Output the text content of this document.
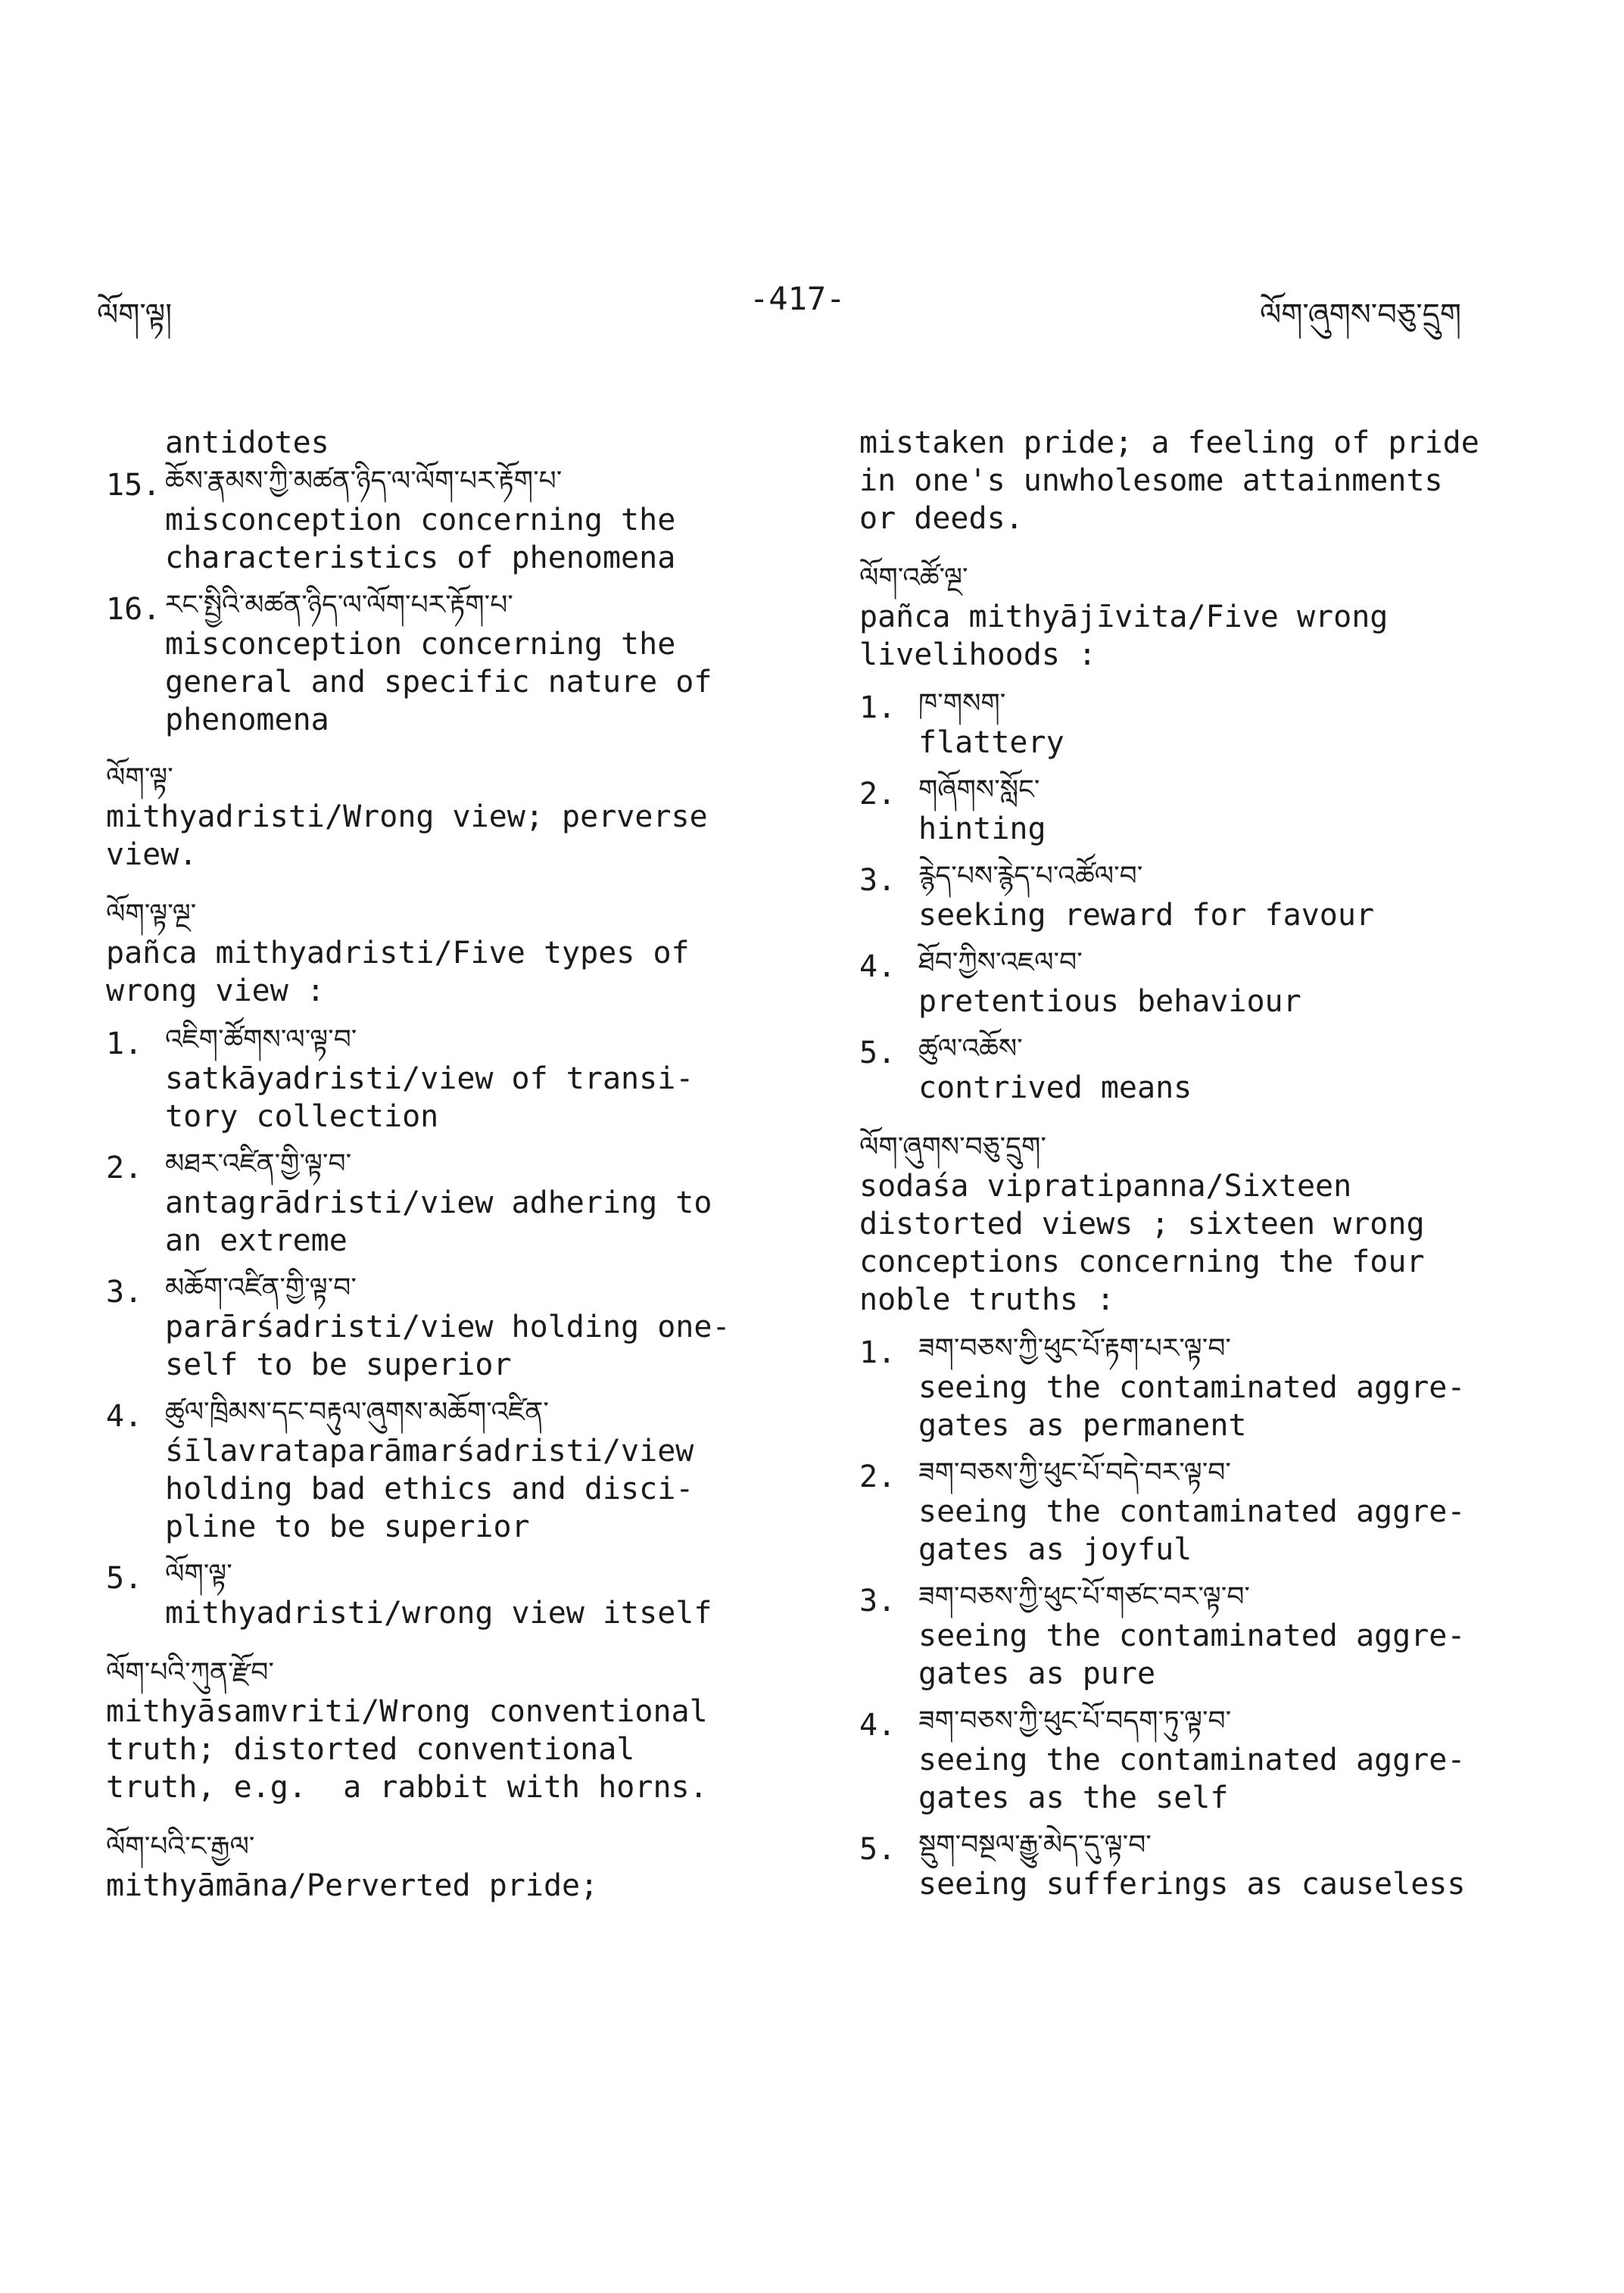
ལོག་ལྟ།	-417-	ལོག་ཞུགས་བཅུ་དྲུག
antidotes
15. ཆོས་རྣམས་ཀྱི་མཚན་ཉིད་ལ་ལོག་པར་རྟོག་པ་
misconception concerning the
characteristics of phenomena
16. རང་སྤྱིའི་མཚན་ཉིད་ལ་ལོག་པར་རྟོག་པ་
misconception concerning the
general and specific nature of
phenomena
ལོག་ལྟ་
mithyadristi/Wrong view; perverse
view.
ལོག་ལྟ་ལྔ་
pañca mithyadristi/Five types of
wrong view :
1. འཇིག་ཚོགས་ལ་ལྟ་བ་
satkāyadristi/view of transi-
tory collection
2. མཐར་འཛིན་གྱི་ལྟ་བ་
antagrādristi/view adhering to
an extreme
3. མཆོག་འཛིན་གྱི་ལྟ་བ་
parārśadristi/view holding one-
self to be superior
4. ཚུལ་ཁྲིམས་དང་བརྟུལ་ཞུགས་མཆོག་འཛིན་
śīlavrataparāmarśadristi/view
holding bad ethics and disci-
pline to be superior
5. ལོག་ལྟ་
mithyadristi/wrong view itself
ལོག་པའི་ཀུན་རྫོབ་
mithyāsamvriti/Wrong conventional
truth; distorted conventional
truth, e.g.  a rabbit with horns.
ལོག་པའི་ང་རྒྱལ་
mithyāmāna/Perverted pride;
mistaken pride; a feeling of pride
in one's unwholesome attainments
or deeds.
ལོག་འཚོ་ལྔ་
pañca mithyājīvita/Five wrong
livelihoods :
1. ཁ་གསག་
flattery
2. གཞོགས་སློང་
hinting
3. རྙེད་པས་རྙེད་པ་འཚོལ་བ་
seeking reward for favour
4. ཐོབ་ཀྱིས་འཇལ་བ་
pretentious behaviour
5. ཚུལ་འཆོས་
contrived means
ལོག་ཞུགས་བཅུ་དྲུག་
sodaśa vipratipanna/Sixteen
distorted views ; sixteen wrong
conceptions concerning the four
noble truths :
1. ཟག་བཅས་ཀྱི་ཕུང་པོ་རྟག་པར་ལྟ་བ་
seeing the contaminated aggre-
gates as permanent
2. ཟག་བཅས་ཀྱི་ཕུང་པོ་བདེ་བར་ལྟ་བ་
seeing the contaminated aggre-
gates as joyful
3. ཟག་བཅས་ཀྱི་ཕུང་པོ་གཙང་བར་ལྟ་བ་
seeing the contaminated aggre-
gates as pure
4. ཟག་བཅས་ཀྱི་ཕུང་པོ་བདག་ཏུ་ལྟ་བ་
seeing the contaminated aggre-
gates as the self
5. སྡུག་བསྔལ་རྒྱུ་མེད་དུ་ལྟ་བ་
seeing sufferings as causeless
